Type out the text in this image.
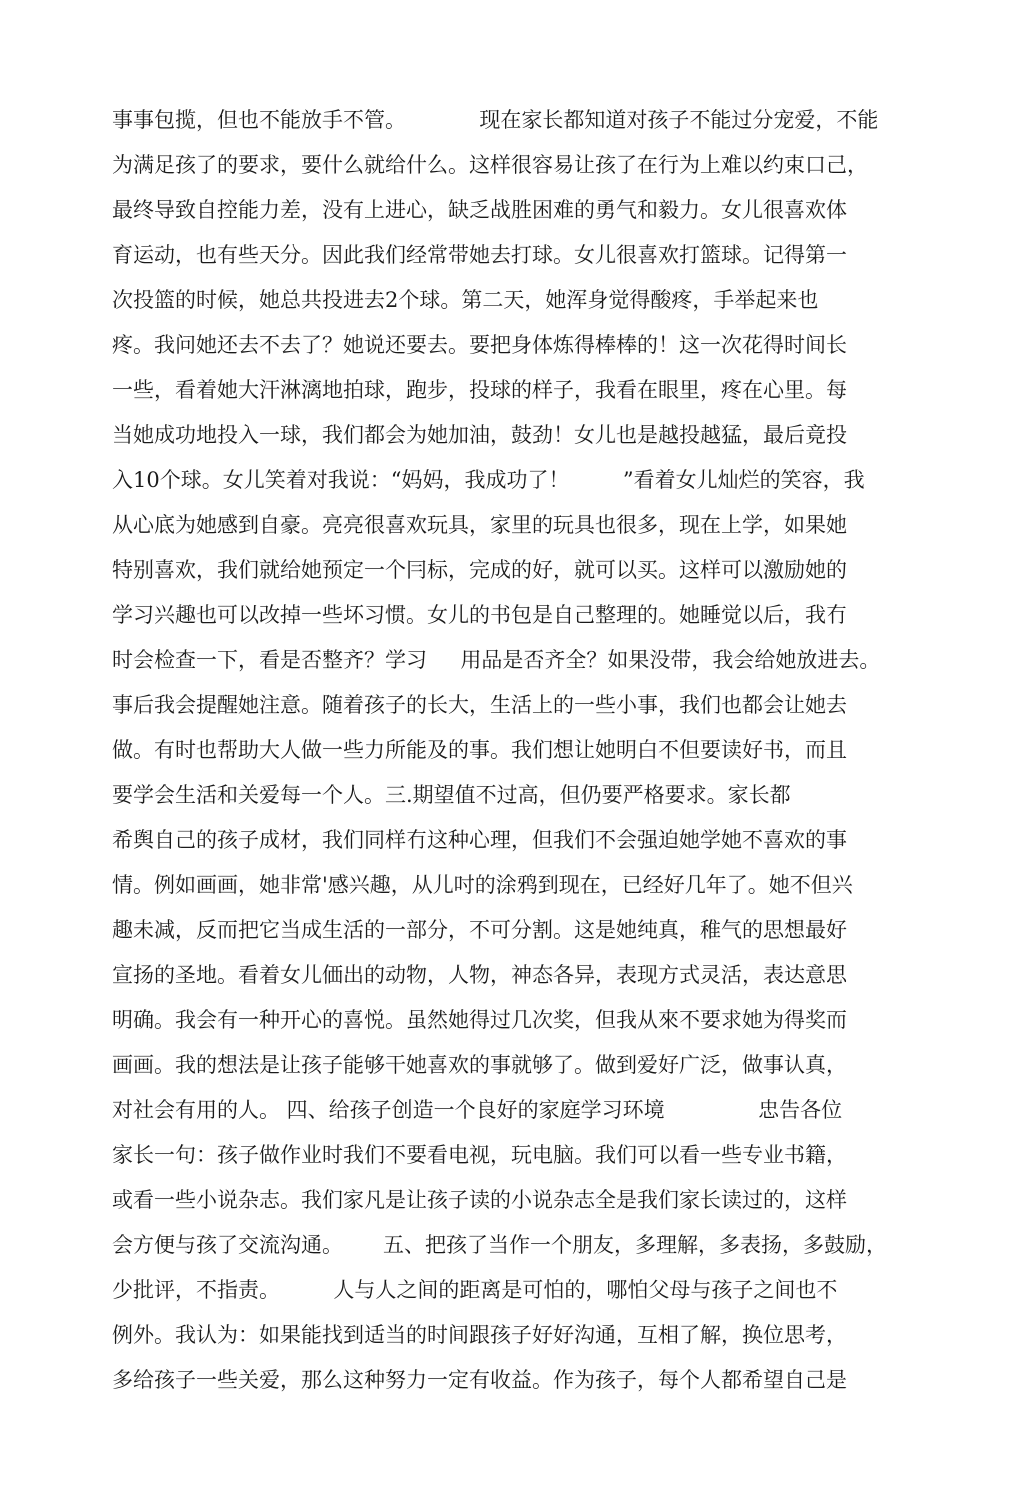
事事包揽，但也不能放手不管。           现在家长都知道对孩子不能过分宠爱，不能
为满足孩了的要求，要什么就给什么。这样很容易让孩了在行为上难以约束口己，
最终导致自控能力差，没有上进心，缺乏战胜困难的勇气和毅力。女儿很喜欢体
育运动，也有些天分。因此我们经常带她去打球。女儿很喜欢打篮球。记得第一
次投篮的时候，她总共投进去2个球。第二天，她浑身觉得酸疼，手举起来也
疼。我问她还去不去了？她说还要去。要把身体炼得棒棒的！这一次花得时间长
一些，看着她大汗淋漓地拍球，跑步，投球的样子，我看在眼里，疼在心里。每
当她成功地投入一球，我们都会为她加油，鼓劲！女儿也是越投越猛，最后竟投
入10个球。女儿笑着对我说：“妈妈，我成功了！        ”看着女儿灿烂的笑容，我
从心底为她感到自豪。亮亮很喜欢玩具，家里的玩具也很多，现在上学，如果她
特别喜欢，我们就给她预定一个冃标，完成的好，就可以买。这样可以激励她的
学习兴趣也可以改掉一些坏习惯。女儿的书包是自己整理的。她睡觉以后，我冇
时会检查一下，看是否整齐？学习     用品是否齐全？如果没带，我会给她放进去。
事后我会提醒她注意。随着孩子的长大，生活上的一些小事，我们也都会让她去
做。有时也帮助大人做一些力所能及的事。我们想让她明白不但要读好书，而且
要学会生活和关爱每一个人。三.期望值不过高，但仍要严格要求。家长都
希舆自己的孩子成材，我们同样冇这种心理，但我们不会强迫她学她不喜欢的事
情。例如画画，她非常'感兴趣，从儿吋的涂鸦到现在，已经好几年了。她不但兴
趣未减，反而把它当成生活的一部分，不可分割。这是她纯真，稚气的思想最好
宣扬的圣地。看着女儿価出的动物，人物，神态各异，表现方式灵活，表达意思
明确。我会有一种开心的喜悦。虽然她得过几次奖，但我从來不要求她为得奖而
画画。我的想法是让孩子能够干她喜欢的事就够了。做到爱好广泛，做事认真，
对社会有用的人。 四、给孩子创造一个良好的家庭学习环境              忠告各位
家长一句：孩子做作业时我们不要看电视，玩电脑。我们可以看一些专业书籍，
或看一些小说杂志。我们家凡是让孩子读的小说杂志全是我们家长读过的，这样
会方便与孩了交流沟通。      五、把孩了当作一个朋友，多理解，多表扬，多鼓励，
少批评，不指责。        人与人之间的距离是可怕的，哪怕父母与孩子之间也不
例外。我认为：如果能找到适当的时间跟孩子好好沟通，互相了解，换位思考，
多给孩子一些关爱，那么这种努力一定有收益。作为孩子，每个人都希望自己是
